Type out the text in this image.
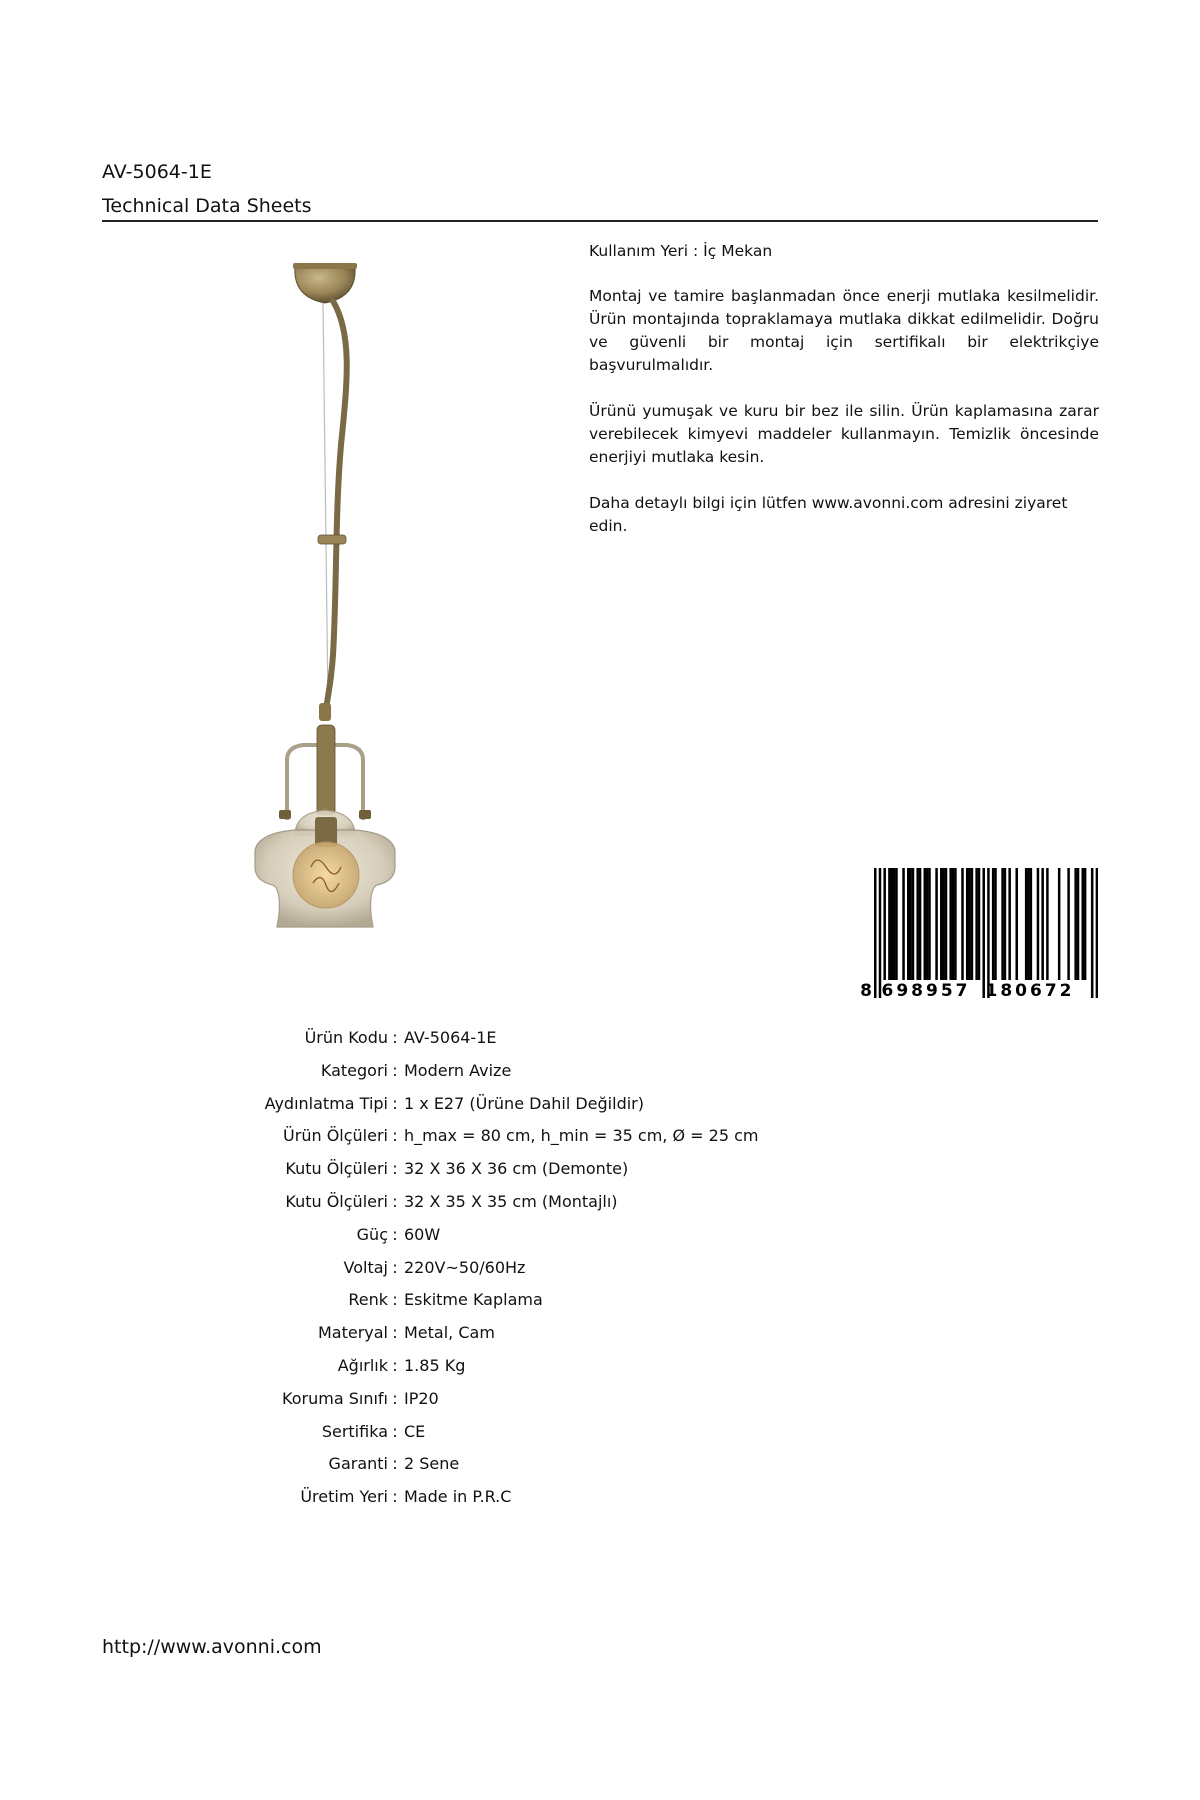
AV-5064-1E
Technical Data Sheets

Kullanım Yeri : İç Mekan

Montaj ve tamire başlanmadan önce enerji mutlaka kesilmelidir. Ürün montajında topraklamaya mutlaka dikkat edilmelidir. Doğru ve güvenli bir montaj için sertifikalı bir elektrikçiye başvurulmalıdır.

Ürünü yumuşak ve kuru bir bez ile silin. Ürün kaplamasına zarar verebilecek kimyevi maddeler kullanmayın. Temizlik öncesinde enerjiyi mutlaka kesin.

Daha detaylı bilgi için lütfen www.avonni.com adresini ziyaret edin.

8 698957 180672
Ürün Kodu : AV-5064-1E
Kategori : Modern Avize
Aydınlatma Tipi : 1 x E27 (Ürüne Dahil Değildir)
Ürün Ölçüleri : h_max = 80 cm, h_min = 35 cm, Ø = 25 cm
Kutu Ölçüleri : 32 X 36 X 36 cm (Demonte)
Kutu Ölçüleri : 32 X 35 X 35 cm (Montajlı)
Güç : 60W
Voltaj : 220V~50/60Hz
Renk : Eskitme Kaplama
Materyal : Metal, Cam
Ağırlık : 1.85 Kg
Koruma Sınıfı : IP20
Sertifika : CE
Garanti : 2 Sene
Üretim Yeri : Made in P.R.C
http://www.avonni.com
